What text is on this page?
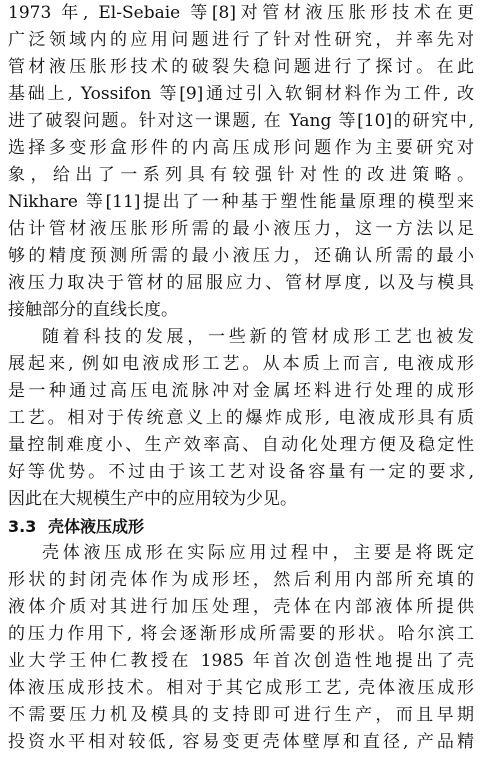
1973 年, El-Sebaie 等[8]对管材液压胀形技术在更
广泛领域内的应用问题进行了针对性研究，并率先对
管材液压胀形技术的破裂失稳问题进行了探讨。在此
基础上, Yossifon 等[9]通过引入软铜材料作为工件, 改
进了破裂问题。针对这一课题, 在 Yang 等[10]的研究中,
选择多变形盒形件的内高压成形问题作为主要研究对
象，给出了一系列具有较强针对性的改进策略。
Nikhare 等[11]提出了一种基于塑性能量原理的模型来
估计管材液压胀形所需的最小液压力，这一方法以足
够的精度预测所需的最小液压力，还确认所需的最小
液压力取决于管材的屈服应力、管材厚度, 以及与模具
接触部分的直线长度。
随着科技的发展，一些新的管材成形工艺也被发
展起来, 例如电液成形工艺。从本质上而言, 电液成形
是一种通过高压电流脉冲对金属坯料进行处理的成形
工艺。相对于传统意义上的爆炸成形, 电液成形具有质
量控制难度小、生产效率高、自动化处理方便及稳定性
好等优势。不过由于该工艺对设备容量有一定的要求,
因此在大规模生产中的应用较为少见。
3.3 壳体液压成形
壳体液压成形在实际应用过程中，主要是将既定
形状的封闭壳体作为成形坯，然后利用内部所充填的
液体介质对其进行加压处理，壳体在内部液体所提供
的压力作用下, 将会逐渐形成所需要的形状。哈尔滨工
业大学王仲仁教授在 1985 年首次创造性地提出了壳
体液压成形技术。相对于其它成形工艺, 壳体液压成形
不需要压力机及模具的支持即可进行生产，而且早期
投资水平相对较低, 容易变更壳体壁厚和直径, 产品精
